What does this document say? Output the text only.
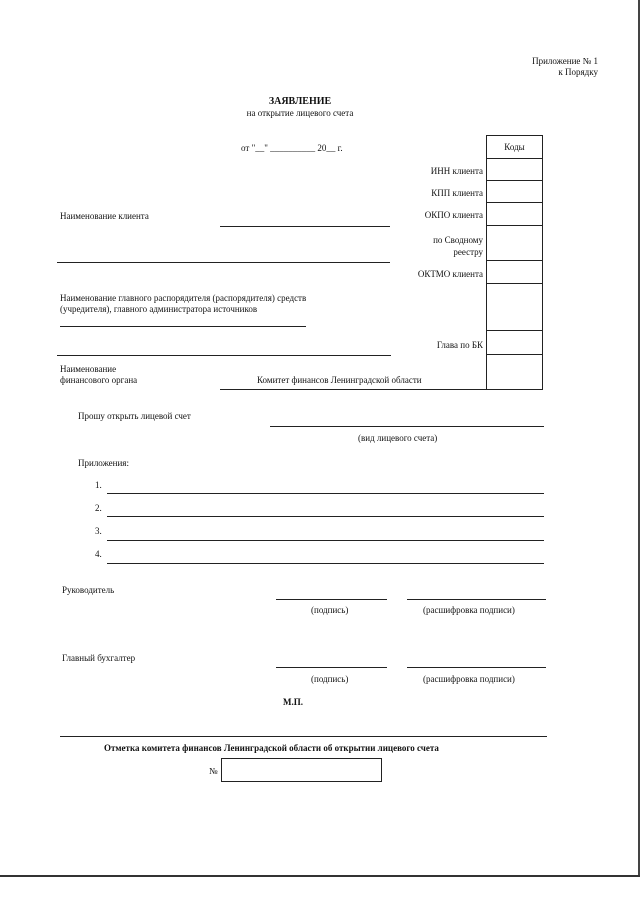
Приложение № 1
к Порядку
ЗАЯВЛЕНИЕ
на открытие лицевого счета
от "__" __________ 20__ г.	Коды

ИНН клиента
КПП клиента
ОКПО клиента
по Сводному
реестру
ОКТМО клиента
Глава по БК
Наименование клиента
Наименование главного распорядителя (распорядителя) средств
(учредителя), главного администратора источников
Наименование
финансового органа	Комитет финансов Ленинградской области
Прошу открыть лицевой счет
(вид лицевого счета)
Приложения:
1.
2.
3.
4.
Руководитель
(подпись)	(расшифровка подписи)
Главный бухгалтер
(подпись)	(расшифровка подписи)
М.П.
Отметка комитета финансов Ленинградской области об открытии лицевого счета
№
